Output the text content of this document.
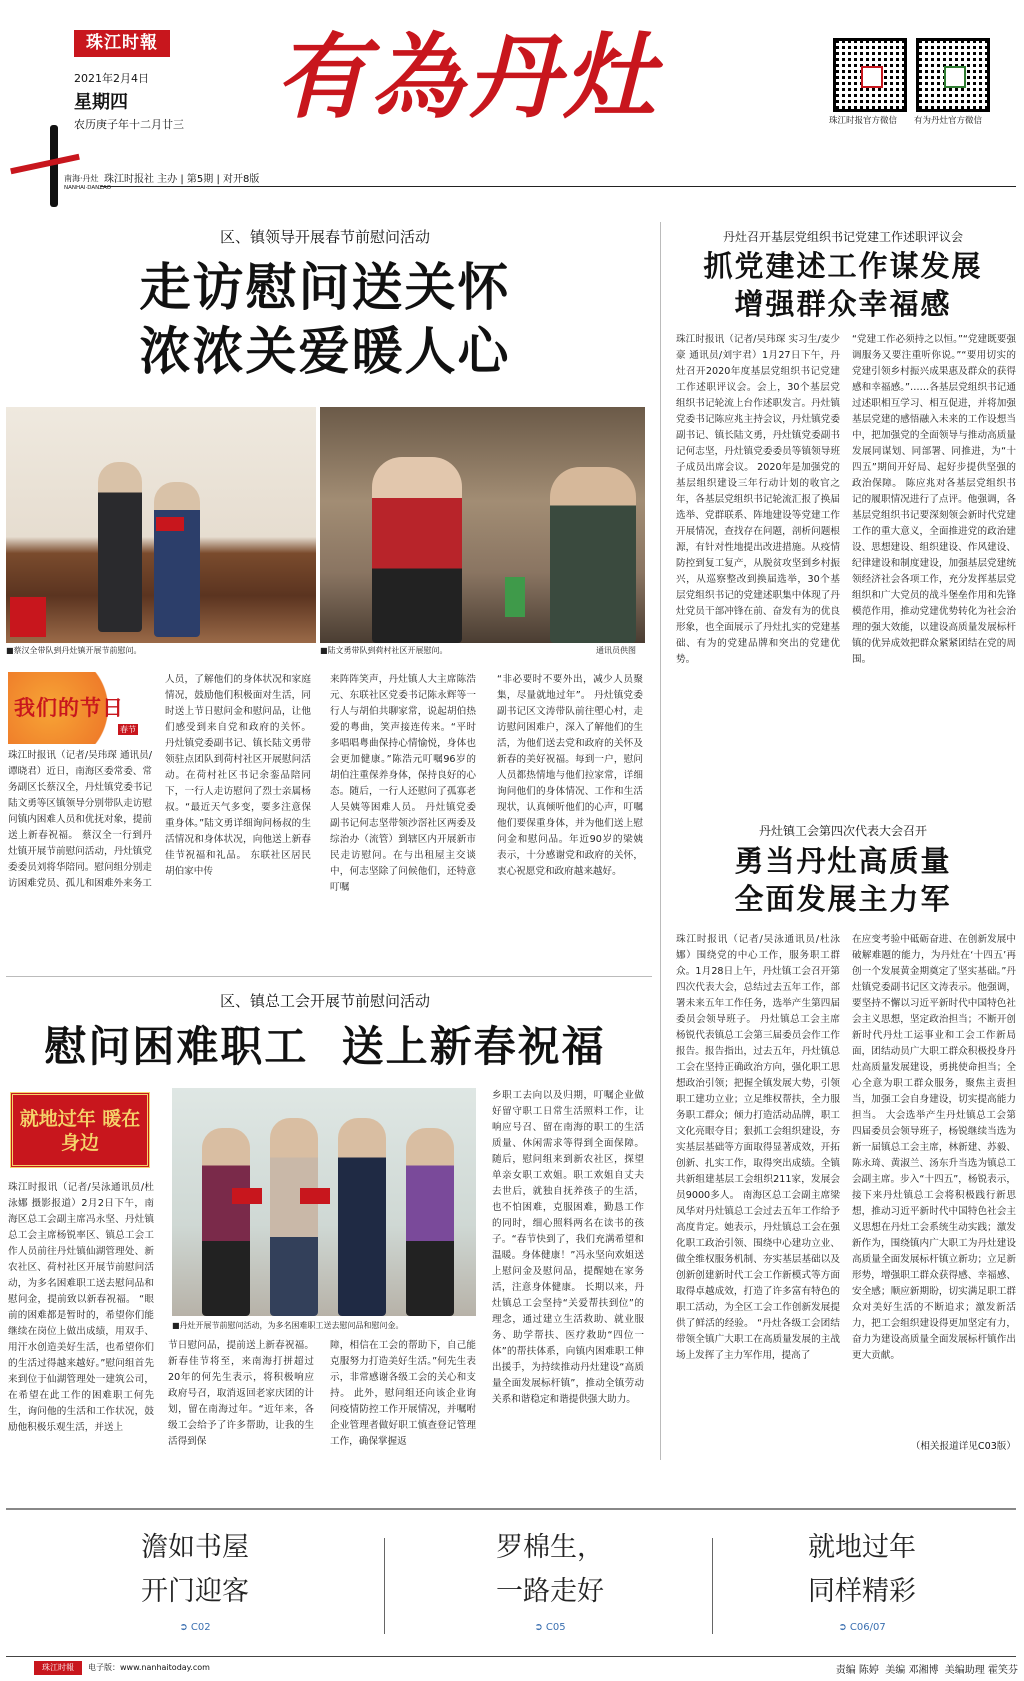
珠江时報
2021年2月4日
星期四
农历庚子年十二月廿三 有為丹灶	珠江时报官方微信 有为丹灶官方微信
南海·丹灶
NANHAI·DANZAO
珠江时报社 主办 | 第5期 | 对开8版
区、镇领导开展春节前慰问活动
走访慰问送关怀
浓浓关爱暖人心
■蔡汉全带队到丹灶镇开展节前慰问。	■陆文勇带队到荷村社区开展慰问。	通讯员供图
我们的节日
春节
珠江时报讯（记者/吴玮琛 通讯员/谭晓君）近日，南海区委常委、常务副区长蔡汉全，丹灶镇党委书记陆文勇等区镇领导分别带队走访慰问镇内困难人员和优抚对象，提前送上新春祝福。 蔡汉全一行到丹灶镇开展节前慰问活动，丹灶镇党委委员刘将华陪同。慰问组分别走访困难党员、孤儿和困难外来务工
人员，了解他们的身体状况和家庭情况，鼓励他们积极面对生活，同时送上节日慰问金和慰问品，让他们感受到来自党和政府的关怀。 丹灶镇党委副书记、镇长陆文勇带领驻点团队到荷村社区开展慰问活动。在荷村社区书记余銮品陪同下，一行人走访慰问了烈士亲属杨叔。“最近天气多变，要多注意保重身体。”陆文勇详细询问杨叔的生活情况和身体状况，向他送上新春佳节祝福和礼品。 东联社区居民胡伯家中传
来阵阵笑声，丹灶镇人大主席陈浩元、东联社区党委书记陈永辉等一行人与胡伯共聊家常，说起胡伯热爱的粤曲，笑声接连传来。“平时多唱唱粤曲保持心情愉悦，身体也会更加健康。”陈浩元叮嘱96岁的胡伯注重保养身体，保持良好的心态。随后，一行人还慰问了孤寡老人吴姨等困难人员。 丹灶镇党委副书记何志坚带领沙滘社区两委及综治办（流管）到辖区内开展新市民走访慰问。在与出租屋主交谈中，何志坚除了问候他们，还特意叮嘱
“非必要时不要外出，减少人员聚集，尽量就地过年”。 丹灶镇党委副书记区文涛带队前往塱心村，走访慰问困难户，深入了解他们的生活，为他们送去党和政府的关怀及新春的美好祝福。每到一户，慰问人员都热情地与他们拉家常，详细询问他们的身体情况、工作和生活现状，认真倾听他们的心声，叮嘱他们要保重身体，并为他们送上慰问金和慰问品。年近90岁的梁姨表示，十分感谢党和政府的关怀，衷心祝愿党和政府越来越好。
丹灶召开基层党组织书记党建工作述职评议会
抓党建述工作谋发展
增强群众幸福感
珠江时报讯（记者/吴玮琛 实习生/麦少豪 通讯员/刘宇君）1月27日下午，丹灶召开2020年度基层党组织书记党建工作述职评议会。会上，30个基层党组织书记轮流上台作述职发言。丹灶镇党委书记陈应兆主持会议，丹灶镇党委副书记、镇长陆文勇，丹灶镇党委副书记何志坚，丹灶镇党委委员等镇领导班子成员出席会议。 2020年是加强党的基层组织建设三年行动计划的收官之年，各基层党组织书记轮流汇报了换届选举、党群联系、阵地建设等党建工作开展情况，查找存在问题，剖析问题根源，有针对性地提出改进措施。从疫情防控到复工复产，从脱贫攻坚到乡村振兴，从巡察整改到换届选举，30个基层党组织书记的党建述职集中体现了丹灶党员干部冲锋在前、奋发有为的优良形象，也全面展示了丹灶扎实的党建基础、有为的党建品牌和突出的党建优势。
“党建工作必须持之以恒。”“党建既要强调服务又要注重听你说。”“要用切实的党建引领乡村振兴成果惠及群众的获得感和幸福感。”……各基层党组织书记通过述职相互学习、相互促进，并将加强基层党建的感悟融入未来的工作设想当中，把加强党的全面领导与推动高质量发展同谋划、同部署、同推进，为“十四五”期间开好局、起好步提供坚强的政治保障。 陈应兆对各基层党组织书记的履职情况进行了点评。他强调，各基层党组织书记要深刻领会新时代党建工作的重大意义，全面推进党的政治建设、思想建设、组织建设、作风建设、纪律建设和制度建设，加强基层党建统领经济社会各项工作，充分发挥基层党组织和广大党员的战斗堡垒作用和先锋模范作用，推动党建优势转化为社会治理的强大效能，以建设高质量发展标杆镇的优异成效把群众紧紧团结在党的周围。
丹灶镇工会第四次代表大会召开
勇当丹灶高质量
全面发展主力军
珠江时报讯（记者/吴泳通讯员/杜泳娜）围绕党的中心工作，服务职工群众。1月28日上午，丹灶镇工会召开第四次代表大会，总结过去五年工作，部署未来五年工作任务，选举产生第四届委员会领导班子。 丹灶镇总工会主席杨锐代表镇总工会第三届委员会作工作报告。报告指出，过去五年，丹灶镇总工会在坚持正确政治方向，强化职工思想政治引领；把握全镇发展大势，引领职工建功立业；立足维权帮扶，全力服务职工群众；倾力打造活动品牌，职工文化亮眼夺目；狠抓工会组织建设，夯实基层基础等方面取得显著成效，开拓创新、扎实工作，取得突出成绩。全镇共新组建基层工会组织211家，发展会员9000多人。 南海区总工会副主席梁凤华对丹灶镇总工会过去五年工作给予高度肯定。她表示，丹灶镇总工会在强化职工政治引领、围绕中心建功立业、做全维权服务机制、夯实基层基础以及创新创建新时代工会工作新模式等方面取得卓越成效，打造了许多富有特色的职工活动，为全区工会工作创新发展提供了鲜活的经验。 “丹灶各级工会团结带领全镇广大职工在高质量发展的主战场上发挥了主力军作用，提高了
在应变考验中砥砺奋进、在创新发展中破解难题的能力，为丹灶在‘十四五’再创一个发展黄金期奠定了坚实基础。”丹灶镇党委副书记区文涛表示。他强调，要坚持不懈以习近平新时代中国特色社会主义思想，坚定政治担当；不断开创新时代丹灶工运事业和工会工作新局面，团结动员广大职工群众积极投身丹灶高质量发展建设，勇挑使命担当；全心全意为职工群众服务，聚焦主责担当，加强工会自身建设，切实提高能力担当。 大会选举产生丹灶镇总工会第四届委员会领导班子，杨锐继续当选为新一届镇总工会主席，林新建、苏毅、陈永琦、黄淑兰、汤东升当选为镇总工会副主席。步入“十四五”，杨锐表示，接下来丹灶镇总工会将积极践行新思想，推动习近平新时代中国特色社会主义思想在丹灶工会系统生动实践；激发新作为，围绕镇内广大职工为丹灶建设高质量全面发展标杆镇立新功；立足新形势，增强职工群众获得感、幸福感、安全感；顺应新期盼，切实满足职工群众对美好生活的不断追求；激发新活力，把工会组织建设得更加坚定有力，奋力为建设高质量全面发展标杆镇作出更大贡献。
（相关报道详见C03版）
区、镇总工会开展节前慰问活动
慰问困难职工  送上新春祝福
就地过年 暖在身边
珠江时报讯（记者/吴泳通讯员/杜泳娜 摄影报道）2月2日下午，南海区总工会副主席冯永坚、丹灶镇总工会主席杨锐率区、镇总工会工作人员前往丹灶镇仙湖管理处、新农社区、荷村社区开展节前慰问活动，为多名困难职工送去慰问品和慰问金，提前致以新春祝福。 “眼前的困难都是暂时的，希望你们能继续在岗位上做出成绩，用双手、用汗水创造美好生活，也希望你们的生活过得越来越好。”慰问组首先来到位于仙湖管理处一建筑公司，在希望在此工作的困难职工何先生，询问他的生活和工作状况，鼓励他积极乐观生活，并送上
■丹灶开展节前慰问活动，为多名困难职工送去慰问品和慰问金。
节日慰问品，提前送上新春祝福。 新春佳节将至，来南海打拼超过20年的何先生表示，将积极响应政府号召，取消返回老家庆团的计划，留在南海过年。“近年来，各级工会给予了许多帮助，让我的生活得到保
障，相信在工会的帮助下，自己能克服努力打造美好生活。”何先生表示，非常感谢各级工会的关心和支持。 此外，慰问组还向该企业询问疫情防控工作开展情况，并嘱咐企业管理者做好职工慎查登记管理工作，确保掌握返
乡职工去向以及归期，叮嘱企业做好留守职工日常生活照料工作，让响应号召、留在南海的职工的生活质量、休闲需求等得到全面保障。 随后，慰问组来到新农社区，探望单亲女职工欢姐。职工欢姐自丈夫去世后，就独自抚养孩子的生活，也不怕困难，克服困难，勤恳工作的同时，细心照料两名在读书的孩子。“春节快到了，我们充满希望和温暖。身体健康！”冯永坚向欢姐送上慰问金及慰问品，提醒她在家务活，注意身体健康。 长期以来，丹灶镇总工会坚持“关爱帮扶到位”的理念，通过建立生活救助、就业服务、助学帮扶、医疗救助“四位一体”的帮扶体系，向镇内困难职工伸出援手，为持续推动丹灶建设“高质量全面发展标杆镇”，推动全镇劳动关系和谐稳定和谐提供强大助力。
澹如书屋
开门迎客
➲ C02
罗棉生，
一路走好
➲ C05
就地过年
同样精彩
➲ C06/07
珠江时報	电子版：www.nanhaitoday.com	责编 陈婷  美编 邓湘博  美编助理 霍笑芬
